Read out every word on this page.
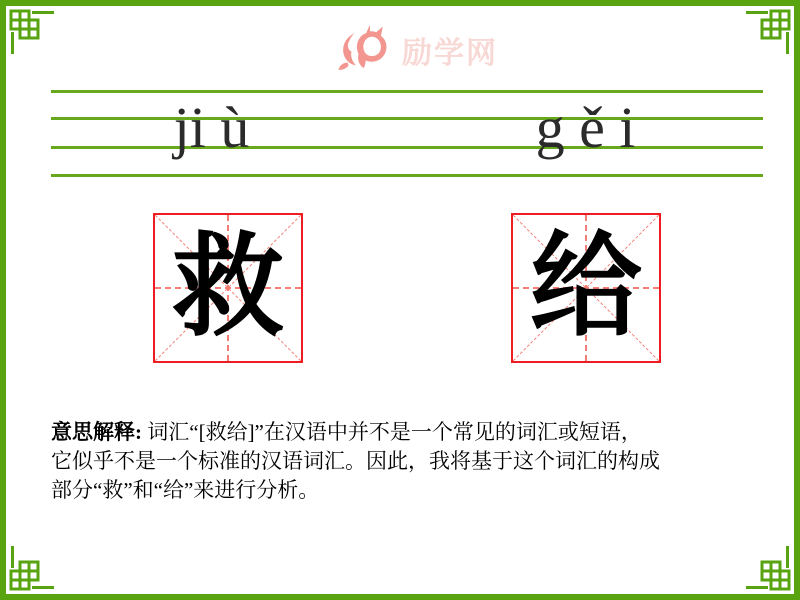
励学网
ji ù	g ě i
救 给
意思解释: 词汇“[救给]”在汉语中并不是一个常见的词汇或短语，
它似乎不是一个标准的汉语词汇。因此，我将基于这个词汇的构成
部分“救”和“给”来进行分析。
